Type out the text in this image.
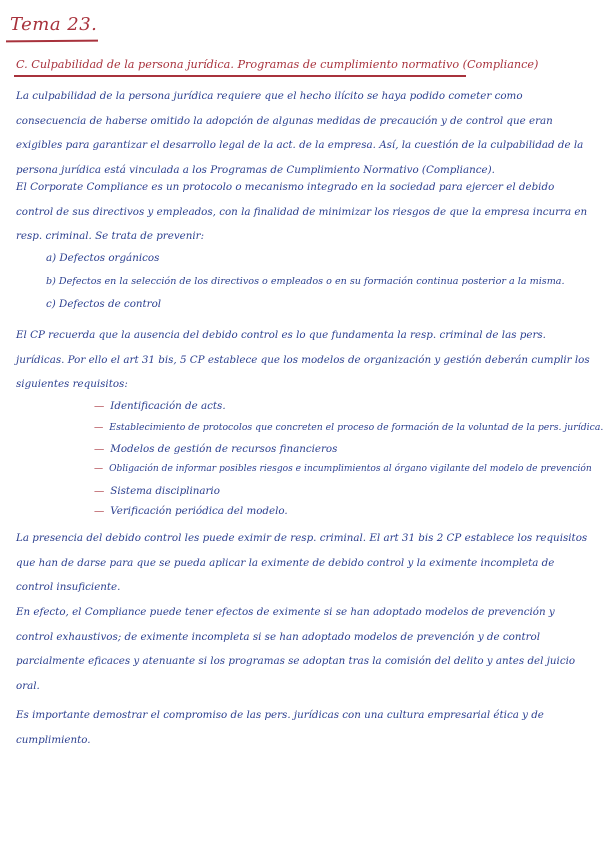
Tema 23.
C. Culpabilidad de la persona jurídica. Programas de cumplimiento normativo (Compliance)
La culpabilidad de la persona jurídica requiere que el hecho ilícito se haya podido cometer como consecuencia de haberse omitido la adopción de algunas medidas de precaución y de control que eran exigibles para garantizar el desarrollo legal de la act. de la empresa. Así, la cuestión de la culpabilidad de la persona jurídica está vinculada a los Programas de Cumplimiento Normativo (Compliance).
El Corporate Compliance es un protocolo o mecanismo integrado en la sociedad para ejercer el debido control de sus directivos y empleados, con la finalidad de minimizar los riesgos de que la empresa incurra en resp. criminal. Se trata de prevenir:
a) Defectos orgánicos
b) Defectos en la selección de los directivos o empleados o en su formación continua posterior a la misma.
c) Defectos de control
El CP recuerda que la ausencia del debido control es lo que fundamenta la resp. criminal de las pers. jurídicas. Por ello el art 31 bis, 5 CP establece que los modelos de organización y gestión deberán cumplir los siguientes requisitos:
— Identificación de acts.
— Establecimiento de protocolos que concreten el proceso de formación de la voluntad de la pers. jurídica.
— Modelos de gestión de recursos financieros
— Obligación de informar posibles riesgos e incumplimientos al órgano vigilante del modelo de prevención
— Sistema disciplinario
— Verificación periódica del modelo.
La presencia del debido control les puede eximir de resp. criminal. El art 31 bis 2 CP establece los requisitos que han de darse para que se pueda aplicar la eximente de debido control y la eximente incompleta de control insuficiente.
En efecto, el Compliance puede tener efectos de eximente si se han adoptado modelos de prevención y control exhaustivos; de eximente incompleta si se han adoptado modelos de prevención y de control parcialmente eficaces y atenuante si los programas se adoptan tras la comisión del delito y antes del juicio oral.
Es importante demostrar el compromiso de las pers. jurídicas con una cultura empresarial ética y de cumplimiento.
